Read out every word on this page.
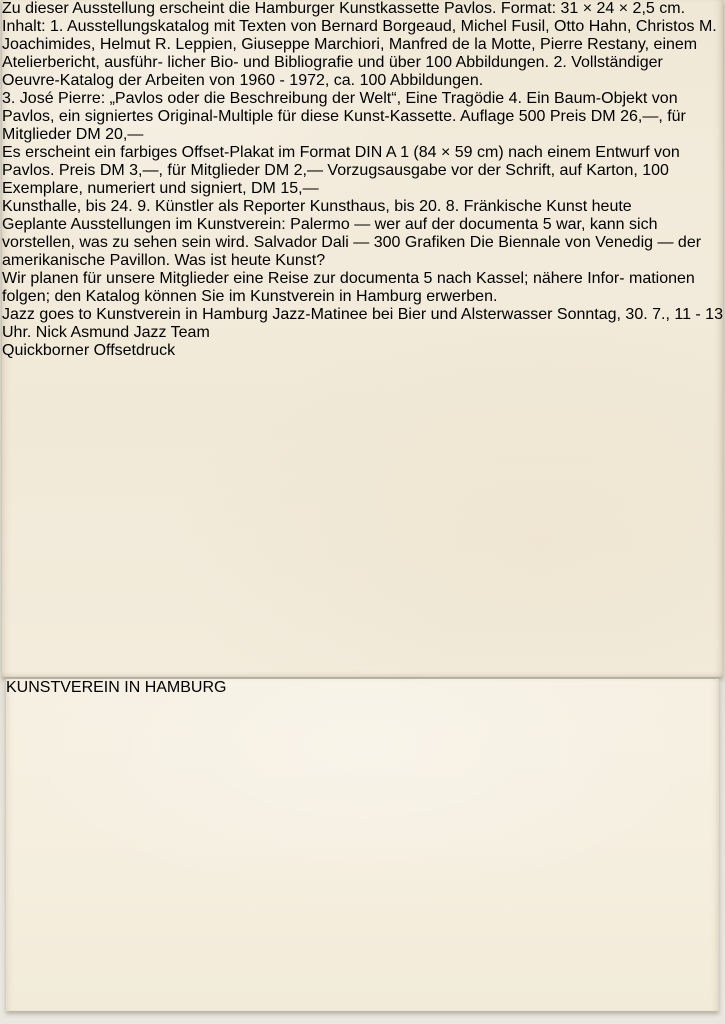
Zu dieser Ausstellung erscheint die Hamburger Kunstkassette Pavlos. Format: 31 × 24 × 2,5 cm. Inhalt: 1. Ausstellungskatalog mit Texten von Bernard Borgeaud, Michel Fusil, Otto Hahn, Christos M. Joachimides, Helmut R. Leppien, Giuseppe Marchiori, Manfred de la Motte, Pierre Restany, einem Atelierbericht, ausführ- licher Bio- und Bibliografie und über 100 Abbildungen. 2. Vollständiger Oeuvre-Katalog der Arbeiten von 1960 - 1972, ca. 100 Abbildungen.
3. José Pierre: „Pavlos oder die Beschreibung der Welt“, Eine Tragödie 4. Ein Baum-Objekt von Pavlos, ein signiertes Original-Multiple für diese Kunst-Kassette. Auflage 500 Preis DM 26,—, für Mitglieder DM 20,—
Es erscheint ein farbiges Offset-Plakat im Format DIN A 1 (84 × 59 cm) nach einem Entwurf von Pavlos. Preis DM 3,—, für Mitglieder DM 2,— Vorzugsausgabe vor der Schrift, auf Karton, 100 Exemplare, numeriert und signiert, DM 15,—
Kunsthalle, bis 24. 9. Künstler als Reporter Kunsthaus, bis 20. 8. Fränkische Kunst heute
Geplante Ausstellungen im Kunstverein: Palermo — wer auf der documenta 5 war, kann sich vorstellen, was zu sehen sein wird. Salvador Dali — 300 Grafiken Die Biennale von Venedig — der amerikanische Pavillon. Was ist heute Kunst?
Wir planen für unsere Mitglieder eine Reise zur documenta 5 nach Kassel; nähere Infor- mationen folgen; den Katalog können Sie im Kunstverein in Hamburg erwerben.
Jazz goes to Kunstverein in Hamburg Jazz-Matinee bei Bier und Alsterwasser Sonntag, 30. 7., 11 - 13 Uhr. Nick Asmund Jazz Team
Quickborner Offsetdruck
KUNSTVEREIN IN HAMBURG
